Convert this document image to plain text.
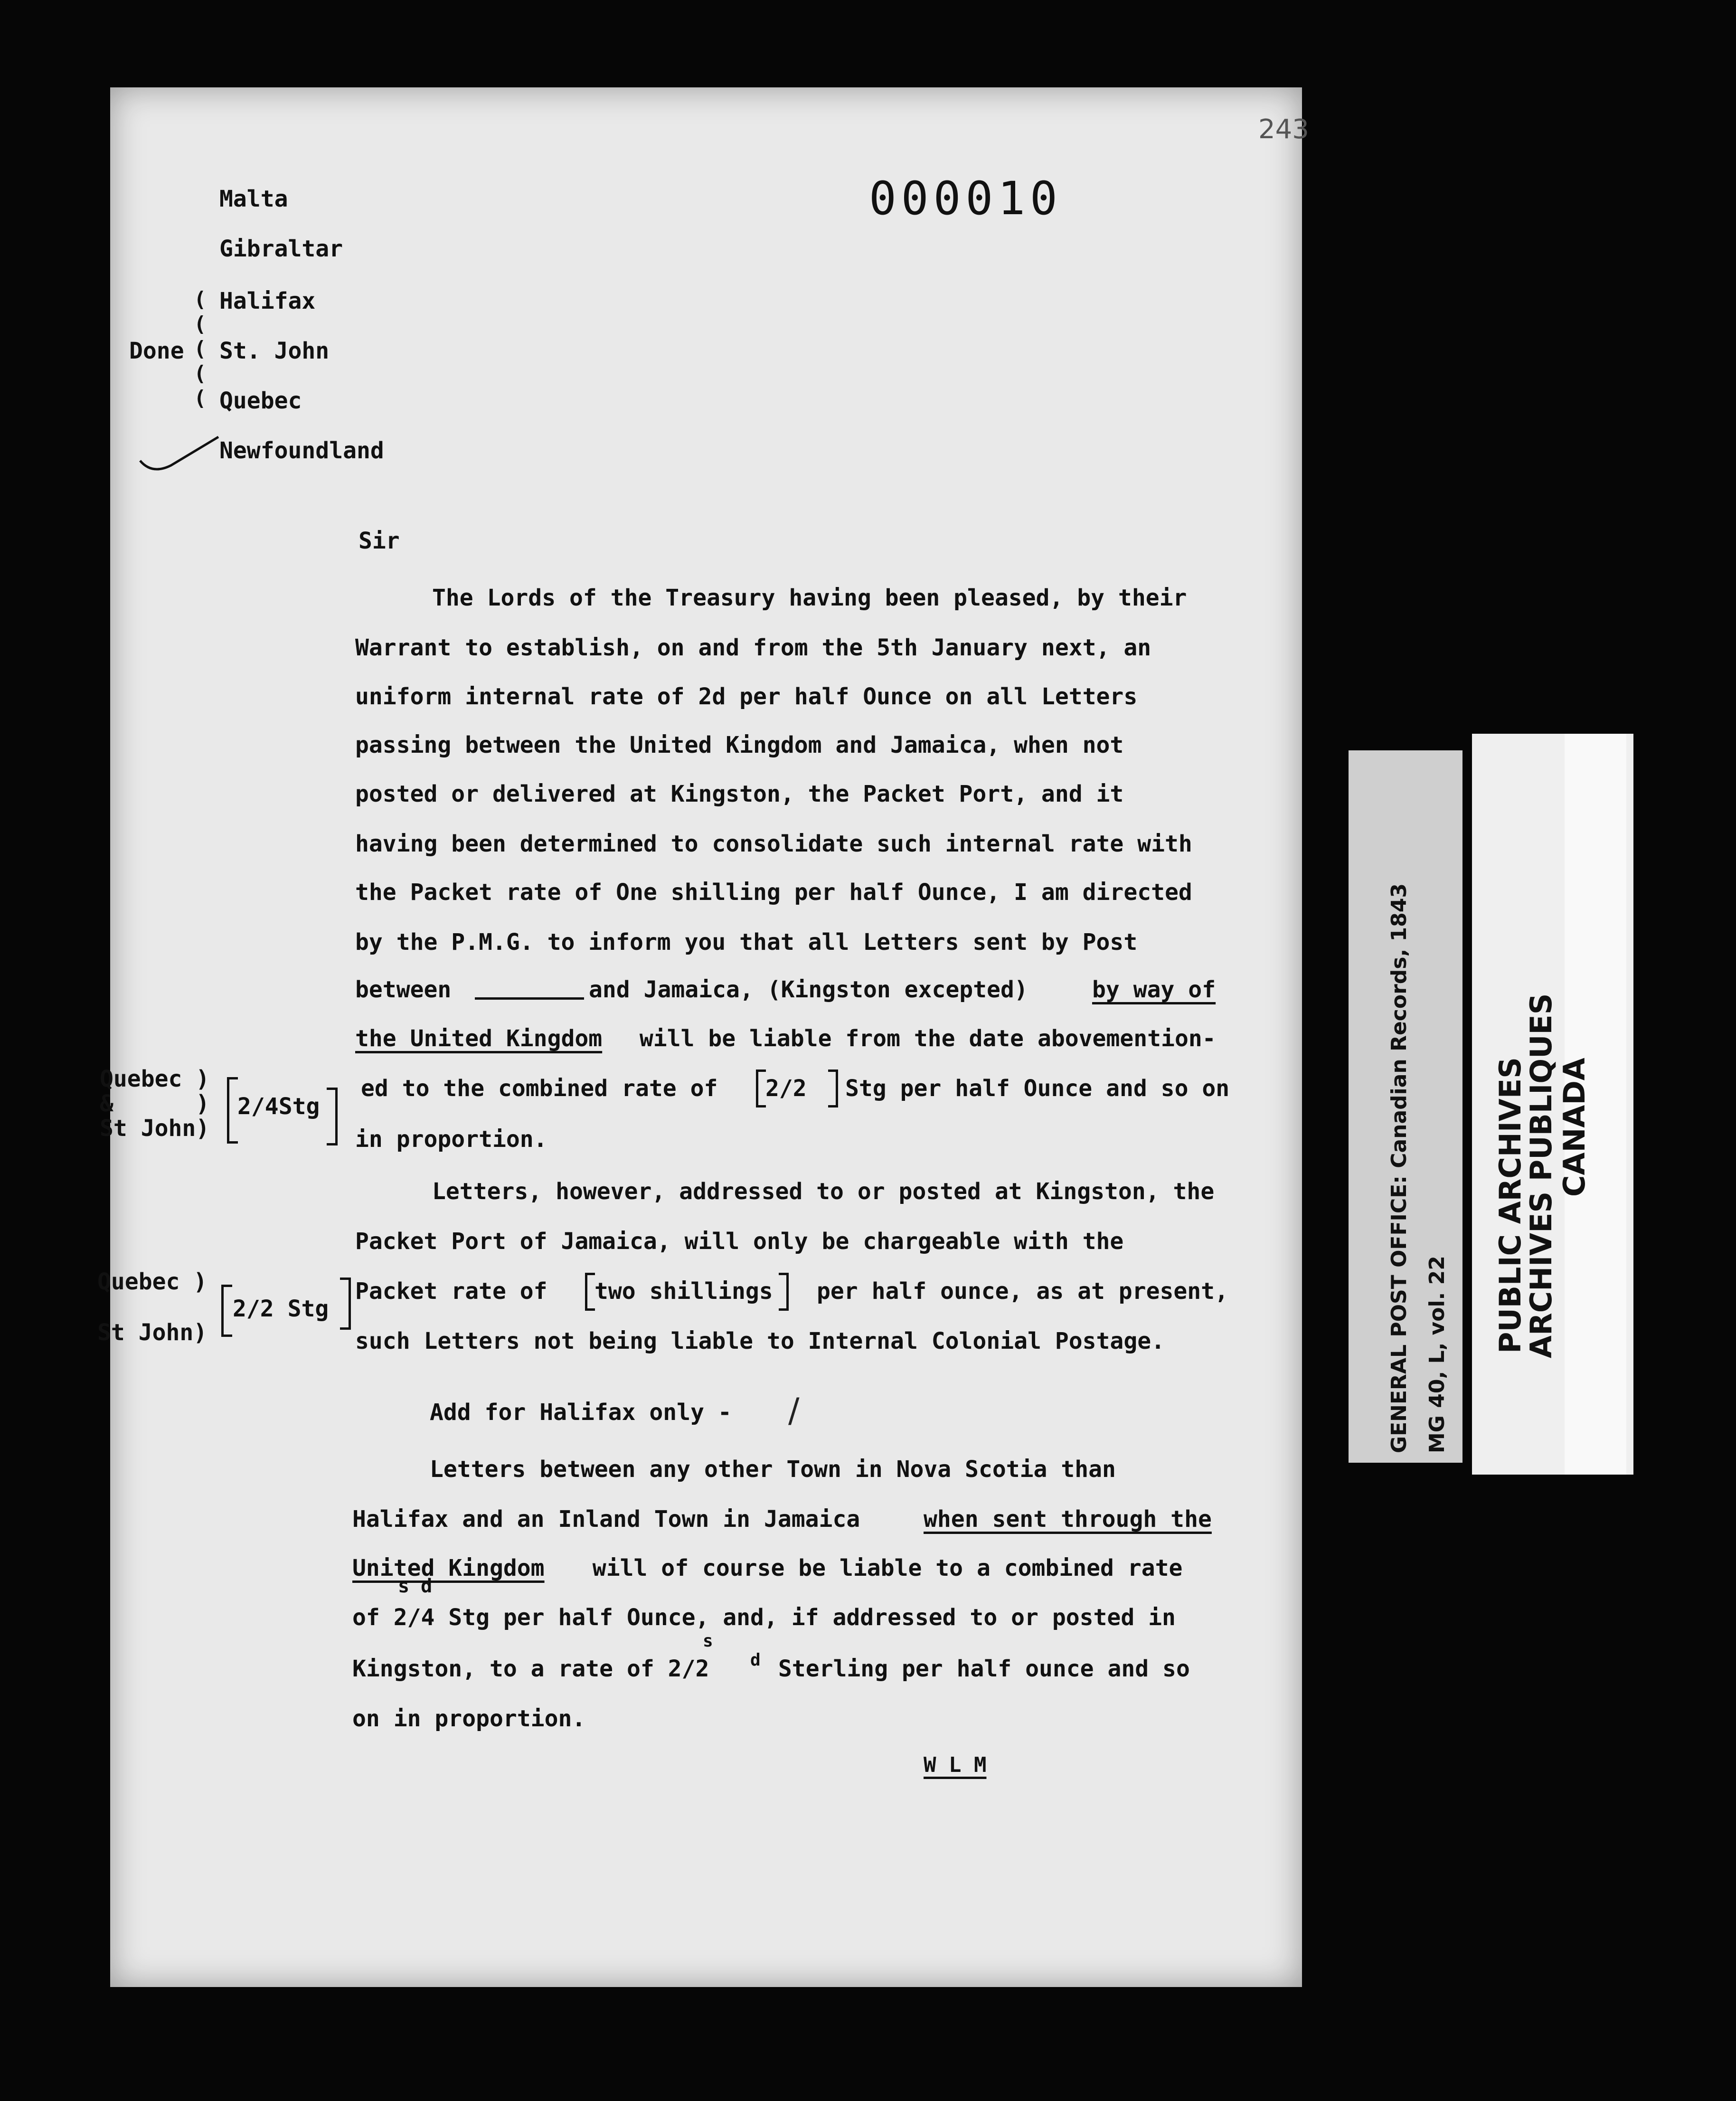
243
000010
Malta
Gibraltar
Halifax
St. John
Quebec
Newfoundland
Done
(
(
(
(
(
Sir
The Lords of the Treasury having been pleased, by their
Warrant to establish, on and from the 5th January next, an
uniform internal rate of 2d per half Ounce on all Letters
passing between the United Kingdom and Jamaica, when not
posted or delivered at Kingston, the Packet Port, and it
having been determined to consolidate such internal rate with
the Packet rate of One shilling per half Ounce, I am directed
by the P.M.G. to inform you that all Letters sent by Post
between	and Jamaica, (Kingston excepted)	by way of
the United Kingdom will be liable from the date abovemention-
ed to the combined rate of 2/2 Stg per half Ounce and so on
in proportion.
Quebec )
&      )
St John)
2/4Stg
Letters, however, addressed to or posted at Kingston, the
Packet Port of Jamaica, will only be chargeable with the
Packet rate of two shillings per half ounce, as at present,
such Letters not being liable to Internal Colonial Postage.
Quebec )
St John)
2/2 Stg
Add for Halifax only - /
Letters between any other Town in Nova Scotia than
Halifax and an Inland Town in Jamaica when sent through the
United Kingdom will of course be liable to a combined rate
s d
of 2/4 Stg per half Ounce, and, if addressed to or posted in
Kingston, to a rate of 2/2
s
d Sterling per half ounce and so
on in proportion.
W L M
GENERAL POST OFFICE: Canadian Records, 1843 MG 40, L, vol. 22
PUBLIC ARCHIVES
ARCHIVES PUBLIQUES
CANADA
